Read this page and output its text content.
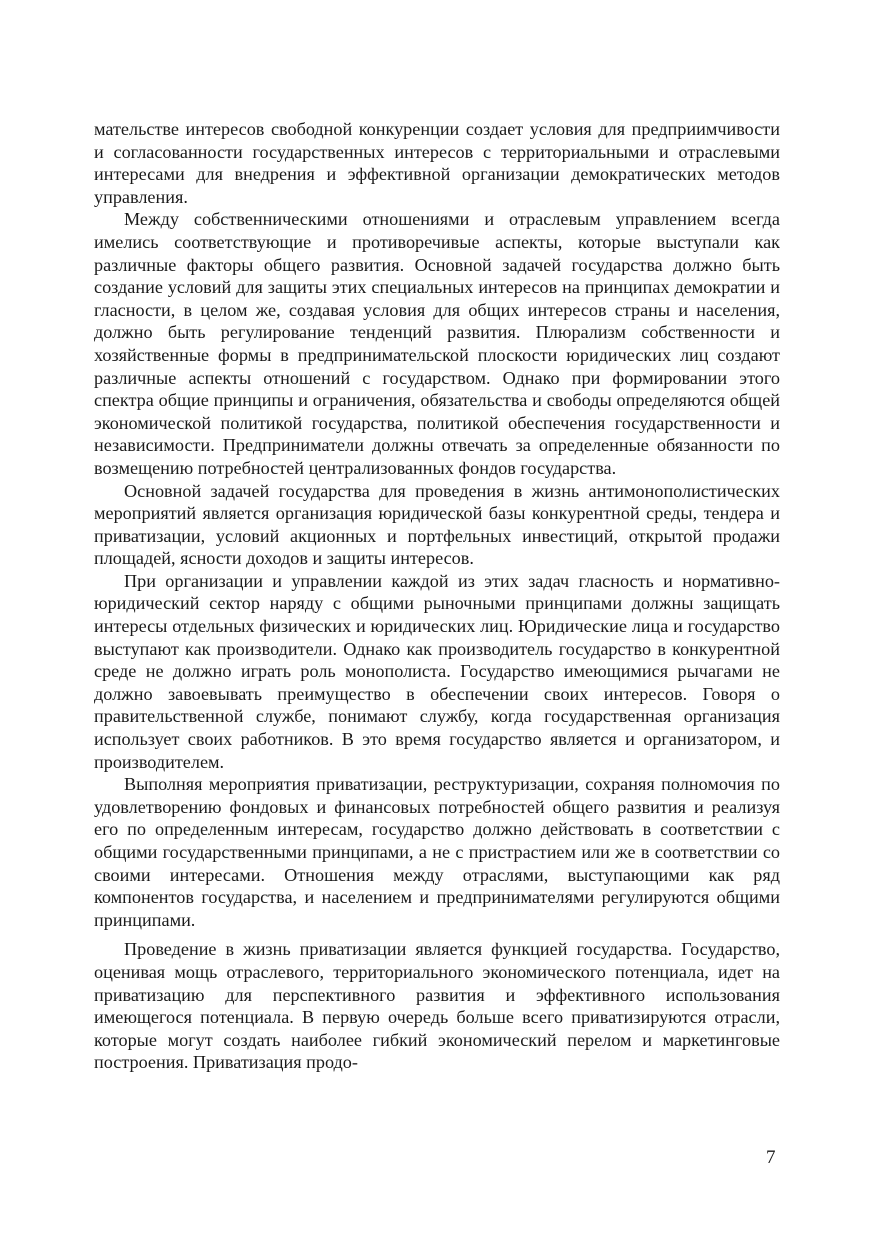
мательстве интересов свободной конкуренции создает условия для предприимчивости и согласованности государственных интересов с территориальными и отраслевыми интересами для внедрения и эффективной организации демократических методов управления.

Между собственническими отношениями и отраслевым управлением всегда имелись соответствующие и противоречивые аспекты, которые выступали как различные факторы общего развития. Основной задачей государства должно быть создание условий для защиты этих специальных интересов на принципах демократии и гласности, в целом же, создавая условия для общих интересов страны и населения, должно быть регулирование тенденций развития. Плюрализм собственности и хозяйственные формы в предпринимательской плоскости юридических лиц создают различные аспекты отношений с государством. Однако при формировании этого спектра общие принципы и ограничения, обязательства и свободы определяются общей экономической политикой государства, политикой обеспечения государственности и независимости. Предприниматели должны отвечать за определенные обязанности по возмещению потребностей централизованных фондов государства.

Основной задачей государства для проведения в жизнь антимонополистических мероприятий является организация юридической базы конкурентной среды, тендера и приватизации, условий акционных и портфельных инвестиций, открытой продажи площадей, ясности доходов и защиты интересов.

При организации и управлении каждой из этих задач гласность и нормативно-юридический сектор наряду с общими рыночными принципами должны защищать интересы отдельных физических и юридических лиц. Юридические лица и государство выступают как производители. Однако как производитель государство в конкурентной среде не должно играть роль монополиста. Государство имеющимися рычагами не должно завоевывать преимущество в обеспечении своих интересов. Говоря о правительственной службе, понимают службу, когда государственная организация использует своих работников. В это время государство является и организатором, и производителем.

Выполняя мероприятия приватизации, реструктуризации, сохраняя полномочия по удовлетворению фондовых и финансовых потребностей общего развития и реализуя его по определенным интересам, государство должно действовать в соответствии с общими государственными принципами, а не с пристрастием или же в соответствии со своими интересами. Отношения между отраслями, выступающими как ряд компонентов государства, и населением и предпринимателями регулируются общими принципами.

Проведение в жизнь приватизации является функцией государства. Государство, оценивая мощь отраслевого, территориального экономического потенциала, идет на приватизацию для перспективного развития и эффективного использования имеющегося потенциала. В первую очередь больше всего приватизируются отрасли, которые могут создать наиболее гибкий экономический перелом и маркетинговые построения. Приватизация продо-

7
